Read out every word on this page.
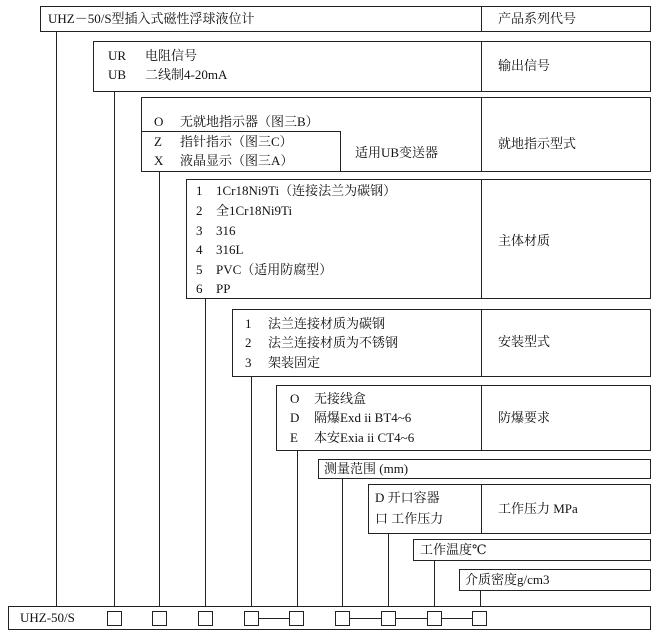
UHZ－50/S型插入式磁性浮球液位计	产品系列代号
UR 电阻信号
UB 二线制4-20mA
输出信号
O 无就地指示器（图三B）
Z 指针指示（图三C）
X 液晶显示（图三A）
适用UB变送器
就地指示型式
1 1Cr18Ni9Ti（连接法兰为碳钢）
2 全1Cr18Ni9Ti
3 316
4 316L
5 PVC（适用防腐型）
6 PP
主体材质
1 法兰连接材质为碳钢
2 法兰连接材质为不锈钢
3 架装固定
安装型式
O 无接线盒
D 隔爆Exd ii BT4~6
E 本安Exia ii CT4~6
防爆要求
测量范围 (mm)
D 开口容器
口 工作压力
工作压力 MPa
工作温度℃
介质密度g/cm3
UHZ-50/S
